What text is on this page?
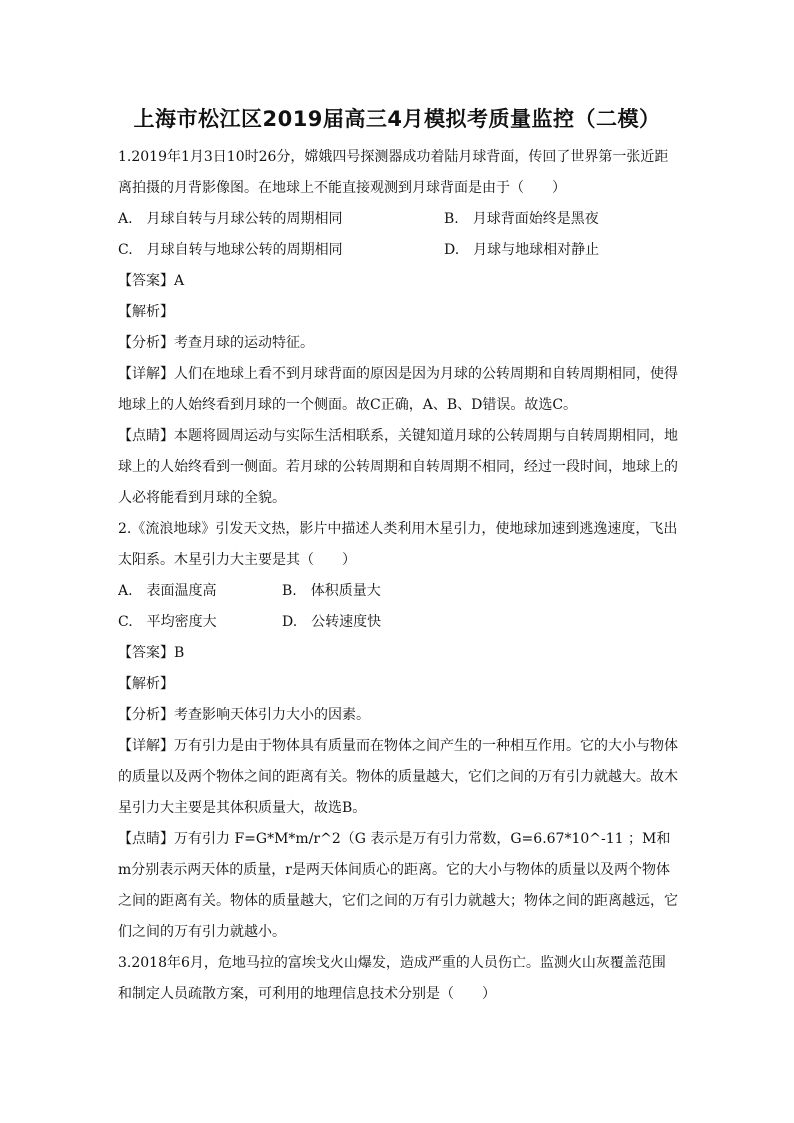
上海市松江区2019届高三4月模拟考质量监控（二模）

1.2019年1月3日10时26分，嫦娥四号探测器成功着陆月球背面，传回了世界第一张近距离拍摄的月背影像图。在地球上不能直接观测到月球背面是由于（　　）

A.　月球自转与月球公转的周期相同	B.　月球背面始终是黑夜
C.　月球自转与地球公转的周期相同	D.　月球与地球相对静止

【答案】A

【解析】

【分析】考查月球的运动特征。

【详解】人们在地球上看不到月球背面的原因是因为月球的公转周期和自转周期相同，使得地球上的人始终看到月球的一个侧面。故C正确，A、B、D错误。故选C。

【点睛】本题将圆周运动与实际生活相联系，关键知道月球的公转周期与自转周期相同，地球上的人始终看到一侧面。若月球的公转周期和自转周期不相同，经过一段时间，地球上的人必将能看到月球的全貌。

2.《流浪地球》引发天文热，影片中描述人类利用木星引力，使地球加速到逃逸速度，飞出太阳系。木星引力大主要是其（　　）

A.　表面温度高	B.　体积质量大
C.　平均密度大	D.　公转速度快

【答案】B

【解析】

【分析】考查影响天体引力大小的因素。

【详解】万有引力是由于物体具有质量而在物体之间产生的一种相互作用。它的大小与物体的质量以及两个物体之间的距离有关。物体的质量越大，它们之间的万有引力就越大。故木星引力大主要是其体积质量大，故选B。

【点睛】万有引力 F=G*M*m/r^2（G 表示是万有引力常数，G=6.67*10^-11 ；M和m分别表示两天体的质量，r是两天体间质心的距离。它的大小与物体的质量以及两个物体之间的距离有关。物体的质量越大，它们之间的万有引力就越大；物体之间的距离越远，它们之间的万有引力就越小。

3.2018年6月，危地马拉的富埃戈火山爆发，造成严重的人员伤亡。监测火山灰覆盖范围和制定人员疏散方案，可利用的地理信息技术分别是（　　）
